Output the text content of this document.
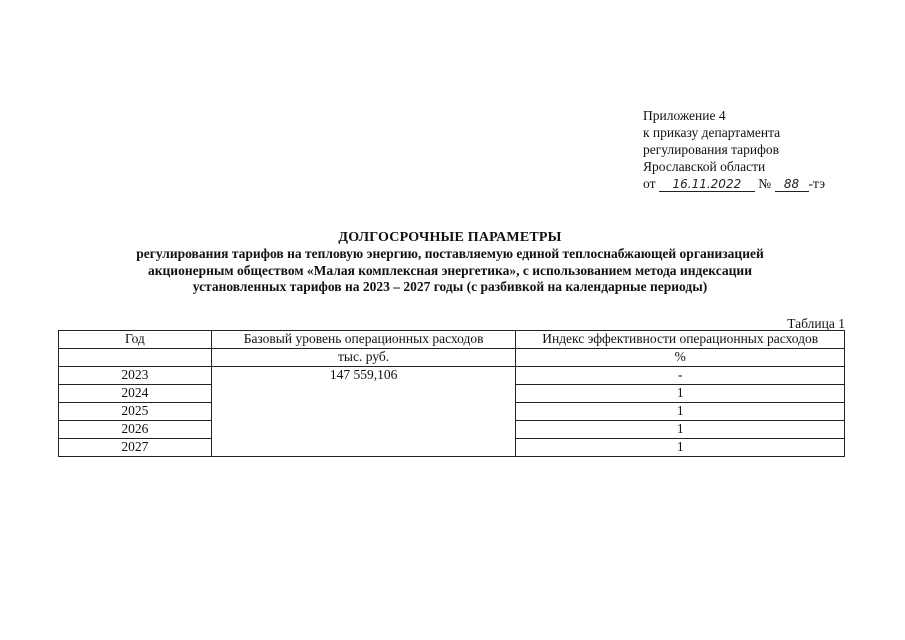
Приложение 4
к приказу департамента
регулирования тарифов
Ярославской области
от 16.11.2022 № 88 -тэ
ДОЛГОСРОЧНЫЕ ПАРАМЕТРЫ
регулирования тарифов на тепловую энергию, поставляемую единой теплоснабжающей организацией
акционерным обществом «Малая комплексная энергетика», с использованием метода индексации
установленных тарифов на 2023 – 2027 годы (с разбивкой на календарные периоды)
Таблица 1
Год	Базовый уровень операционных расходов	Индекс эффективности операционных расходов
	тыс. руб.	%
2023	147 559,106	-
2024		1
2025		1
2026		1
2027		1
